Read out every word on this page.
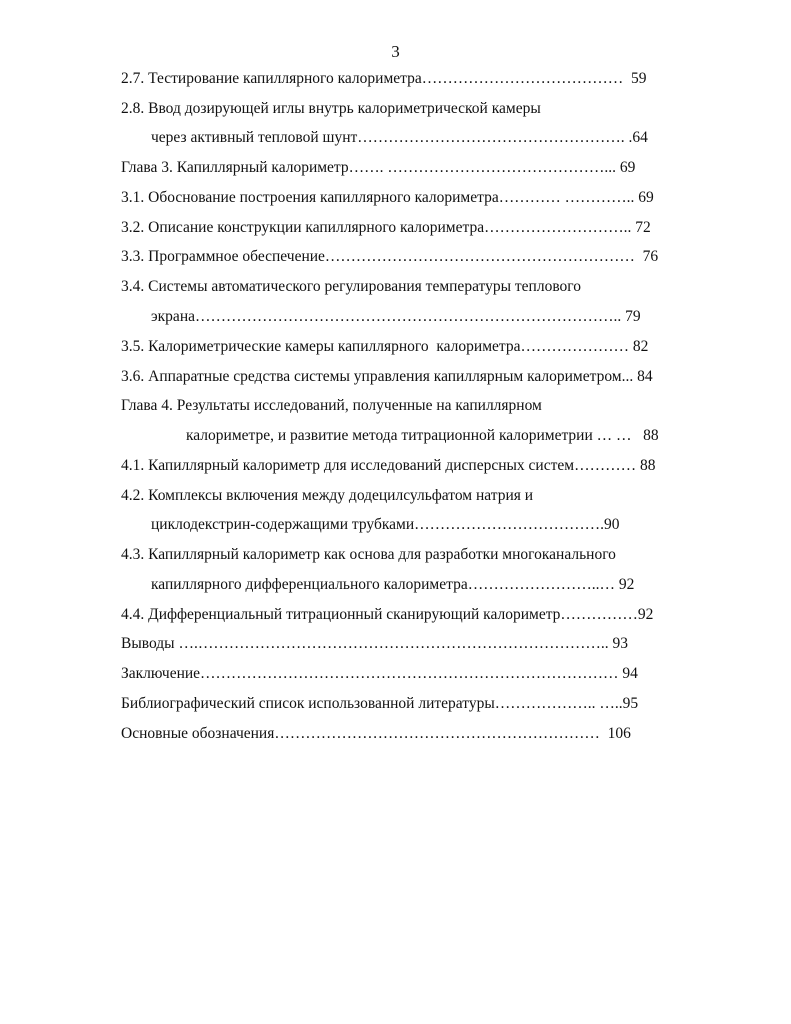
3
2.7. Тестирование капиллярного калориметра…………………………………  59
2.8. Ввод дозирующей иглы внутрь калориметрической камеры
через активный тепловой шунт……………………………………………. .64
Глава 3. Капиллярный калориметр……. ……………………………………... 69
3.1. Обоснование построения капиллярного калориметра………… ………….. 69
3.2. Описание конструкции капиллярного калориметра……………………….. 72
3.3. Программное обеспечение……………………………………………………  76
3.4. Системы автоматического регулирования температуры теплового
экрана……………………………………………………………………….. 79
3.5. Калориметрические камеры капиллярного  калориметра………………… 82
3.6. Аппаратные средства системы управления капиллярным калориметром... 84
Глава 4. Результаты исследований, полученные на капиллярном
калориметре, и развитие метода титрационной калориметрии … …   88
4.1. Капиллярный калориметр для исследований дисперсных систем………… 88
4.2. Комплексы включения между додецилсульфатом натрия и
циклодекстрин-содержащими трубками……………………………….90
4.3. Капиллярный калориметр как основа для разработки многоканального
капиллярного дифференциального калориметра……………………..… 92
4.4. Дифференциальный титрационный сканирующий калориметр……………92
Выводы ….…………………………………………………………………….. 93
Заключение……………………………………………………………………… 94
Библиографический список использованной литературы……………….. …..95
Основные обозначения………………………………………………………  106
